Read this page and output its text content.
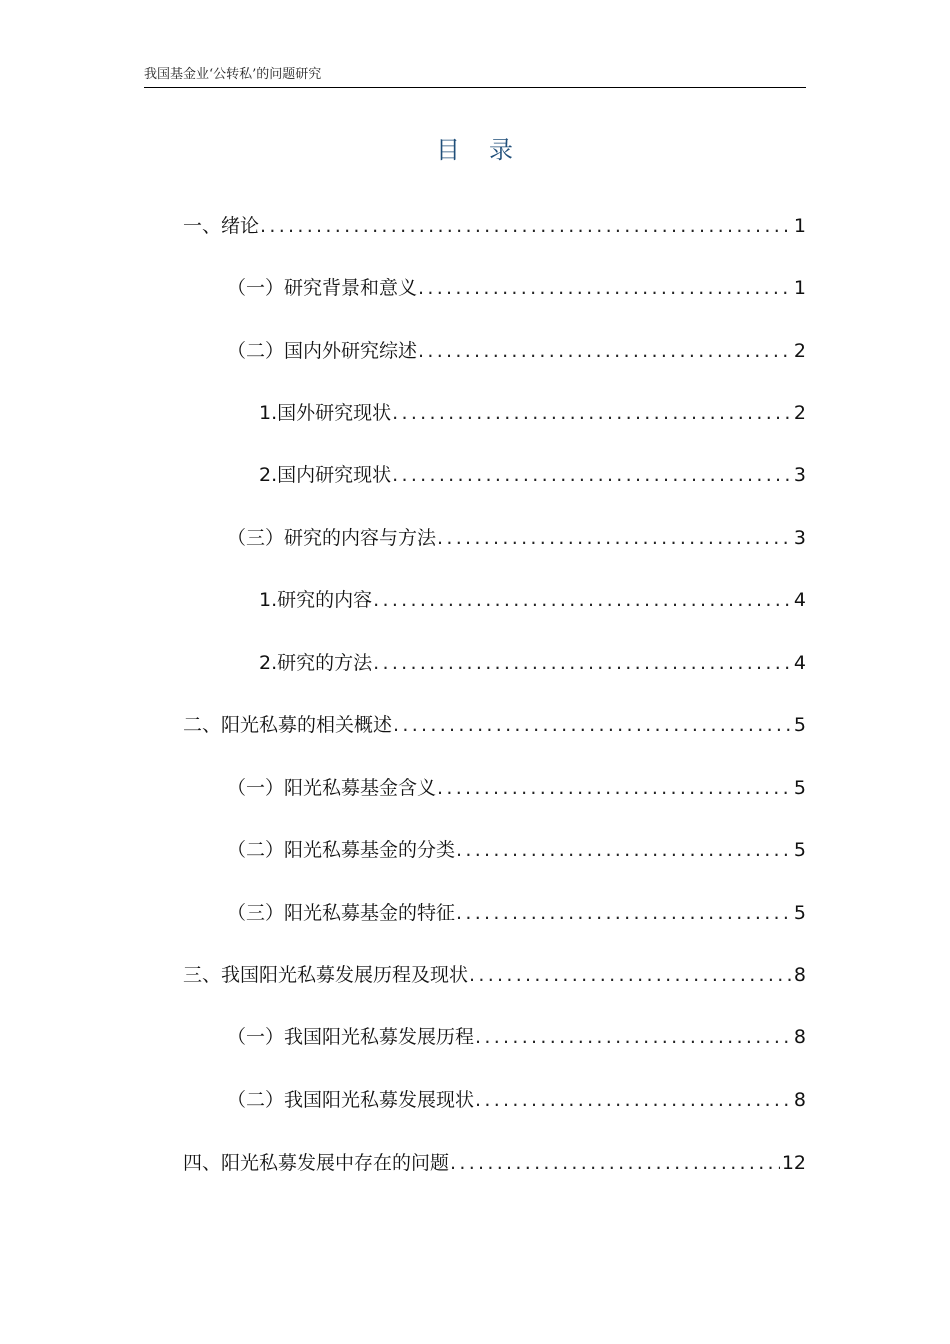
我国基金业‘公转私’的问题研究
目 录
一、绪论 .....	1
（一）研究背景和意义 .....	1
（二）国内外研究综述 .....	2
1.国外研究现状 .....	2
2.国内研究现状 .....	3
（三）研究的内容与方法 .....	3
1.研究的内容 .....	4
2.研究的方法 .....	4
二、阳光私募的相关概述 .....	5
（一）阳光私募基金含义 .....	5
（二）阳光私募基金的分类 .....	5
（三）阳光私募基金的特征 .....	5
三、我国阳光私募发展历程及现状 .....	8
（一）我国阳光私募发展历程 .....	8
（二）我国阳光私募发展现状 .....	8
四、阳光私募发展中存在的问题 .....	12
